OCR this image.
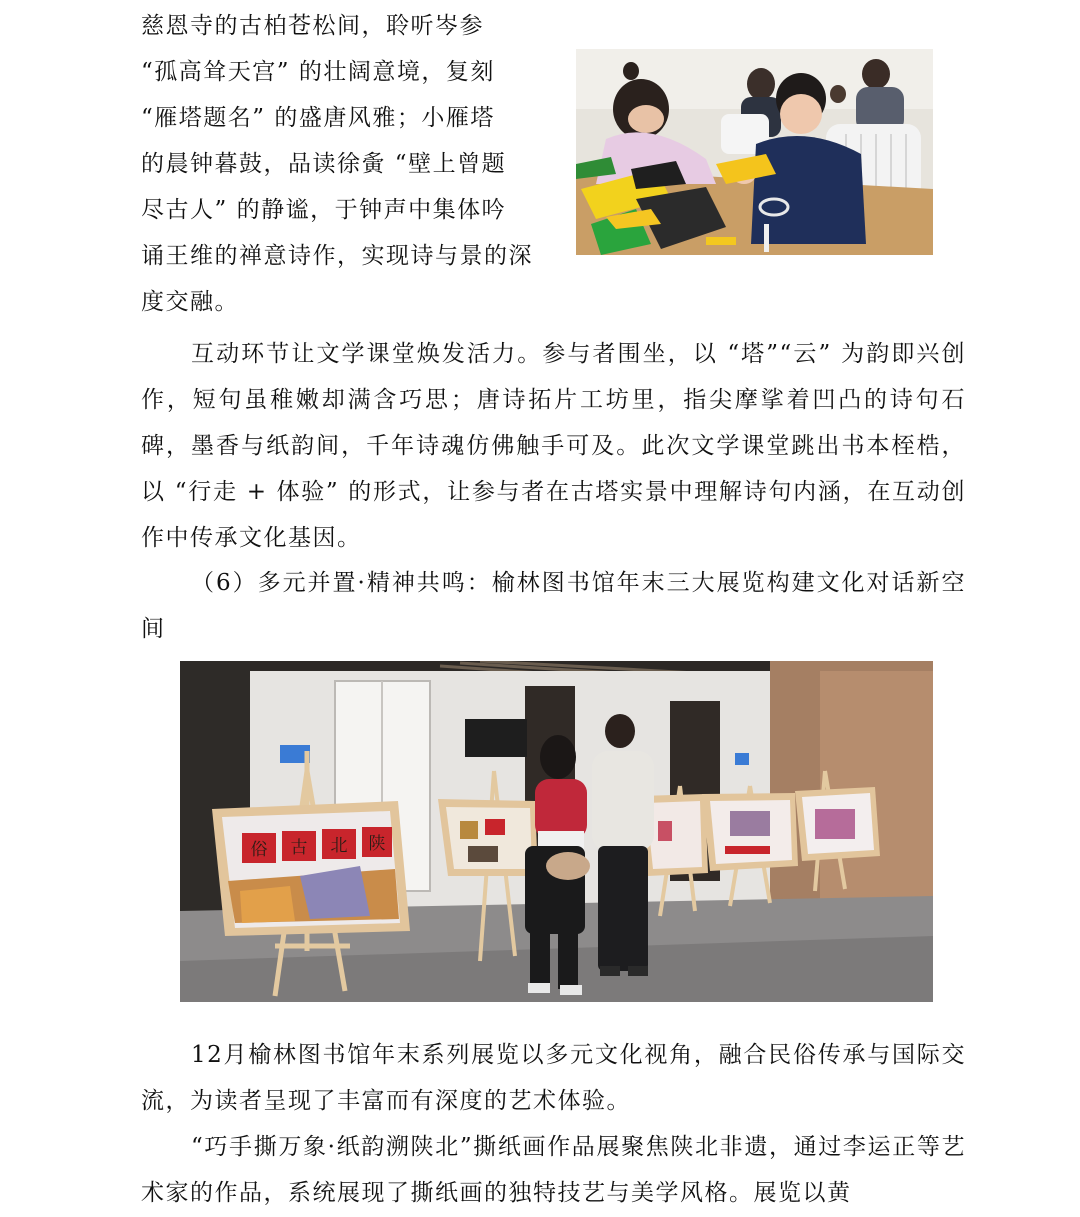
慈恩寺的古柏苍松间，聆听岑参
“孤高耸天宫” 的壮阔意境，复刻
“雁塔题名” 的盛唐风雅；小雁塔
的晨钟暮鼓，品读徐夤 “壁上曾题
尽古人” 的静谧，于钟声中集体吟
诵王维的禅意诗作，实现诗与景的深
度交融。

互动环节让文学课堂焕发活力。参与者围坐，以 “塔”“云” 为韵即兴创作，短句虽稚嫩却满含巧思；唐诗拓片工坊里，指尖摩挲着凹凸的诗句石碑，墨香与纸韵间，千年诗魂仿佛触手可及。此次文学课堂跳出书本桎梏，以 “行走 + 体验” 的形式，让参与者在古塔实景中理解诗句内涵，在互动创作中传承文化基因。

（6）多元并置·精神共鸣：榆林图书馆年末三大展览构建文化对话新空间

俗 古 北 陕

12月榆林图书馆年末系列展览以多元文化视角，融合民俗传承与国际交流，为读者呈现了丰富而有深度的艺术体验。

“巧手撕万象·纸韵溯陕北”撕纸画作品展聚焦陕北非遗，通过李运正等艺术家的作品，系统展现了撕纸画的独特技艺与美学风格。展览以黄
